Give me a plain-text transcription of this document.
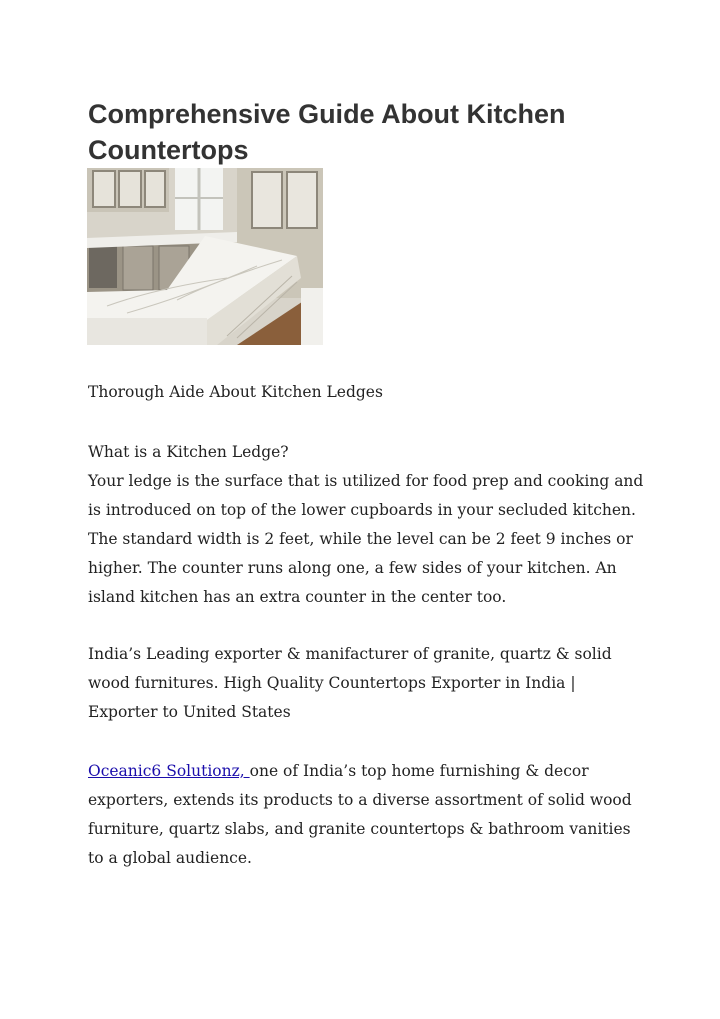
Comprehensive Guide About Kitchen Countertops
Thorough Aide About Kitchen Ledges

What is a Kitchen Ledge?

Your ledge is the surface that is utilized for food prep and cooking and is introduced on top of the lower cupboards in your secluded kitchen. The standard width is 2 feet, while the level can be 2 feet 9 inches or higher. The counter runs along one, a few sides of your kitchen. An island kitchen has an extra counter in the center too.

India’s Leading exporter & manifacturer of granite, quartz & solid wood furnitures. High Quality Countertops Exporter in India | Exporter to United States

Oceanic6 Solutionz, one of India’s top home furnishing & decor exporters, extends its products to a diverse assortment of solid wood furniture, quartz slabs, and granite countertops & bathroom vanities to a global audience.
